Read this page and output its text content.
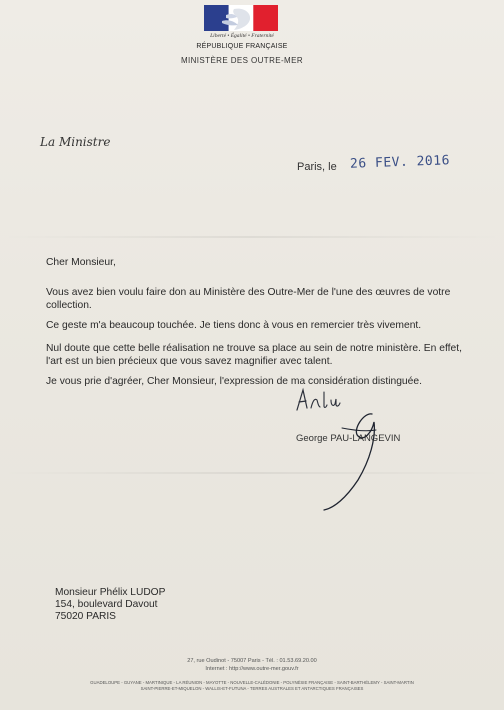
Liberté • Égalité • Fraternité
RÉPUBLIQUE FRANÇAISE
MINISTÈRE DES OUTRE-MER
La Ministre
Paris, le 26 FEV. 2016
Cher Monsieur,
Vous avez bien voulu faire don au Ministère des Outre-Mer de l'une des œuvres de votre
collection.
Ce geste m'a beaucoup touchée. Je tiens donc à vous en remercier très vivement.
Nul doute que cette belle réalisation ne trouve sa place au sein de notre ministère. En effet,
l'art est un bien précieux que vous savez magnifier avec talent.
Je vous prie d'agréer, Cher Monsieur, l'expression de ma considération distinguée.
George PAU-LANGEVIN
Monsieur Phélix LUDOP
154, boulevard Davout
75020 PARIS
27, rue Oudinot - 75007 Paris - Tél. : 01.53.69.20.00
Internet : http://www.outre-mer.gouv.fr
GUADELOUPE - GUYANE - MARTINIQUE - LA RÉUNION - MAYOTTE - NOUVELLE-CALÉDONIE - POLYNÉSIE FRANÇAISE - SAINT-BARTHÉLEMY - SAINT-MARTIN
SAINT-PIERRE-ET-MIQUELON - WALLIS-ET-FUTUNA - TERRES AUSTRALES ET ANTARCTIQUES FRANÇAISES
